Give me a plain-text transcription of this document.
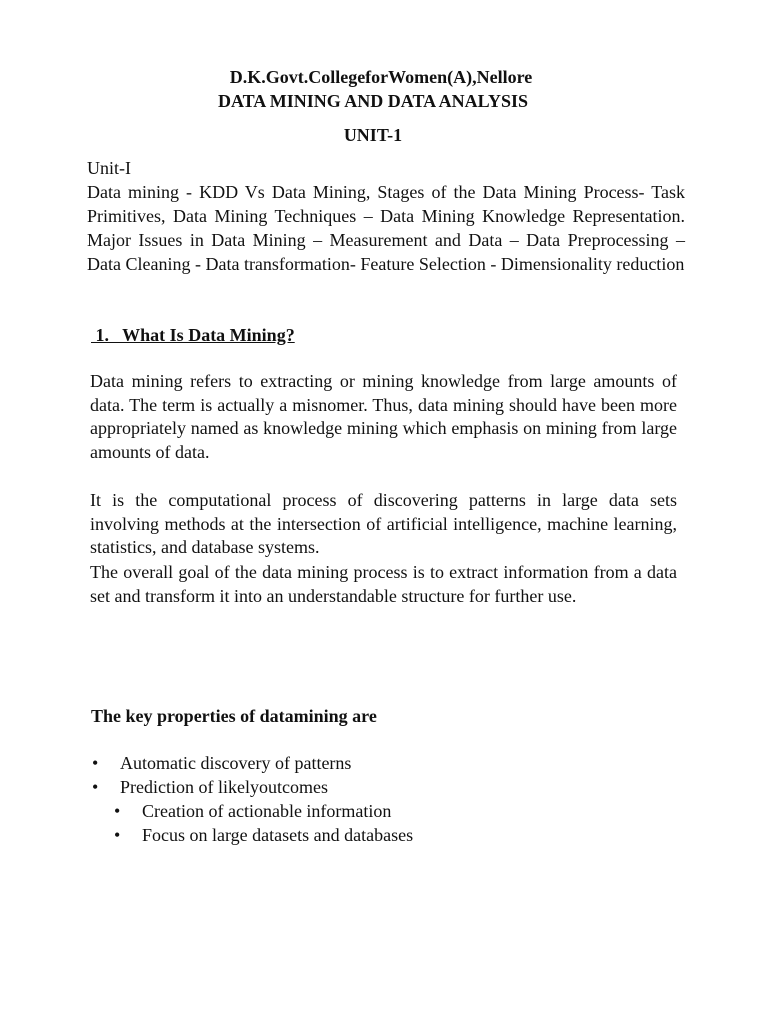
D.K.Govt.CollegeforWomen(A),Nellore
DATA MINING AND DATA ANALYSIS
UNIT-1
Unit-I
Data mining - KDD Vs Data Mining, Stages of the Data Mining Process- Task Primitives, Data Mining Techniques – Data Mining Knowledge Representation. Major Issues in Data Mining – Measurement and Data – Data Preprocessing – Data Cleaning - Data transformation- Feature Selection - Dimensionality reduction
1.   What Is Data Mining?
Data mining refers to extracting or mining knowledge from large amounts of data. The term is actually a misnomer. Thus, data mining should have been more appropriately named as knowledge mining which emphasis on mining from large amounts of data.
It is the computational process of discovering patterns in large data sets involving methods at the intersection of artificial intelligence, machine learning, statistics, and database systems.
The overall goal of the data mining process is to extract information from a data set and transform it into an understandable structure for further use.
The key properties of datamining are
• Automatic discovery of patterns
• Prediction of likelyoutcomes
• Creation of actionable information
• Focus on large datasets and databases
